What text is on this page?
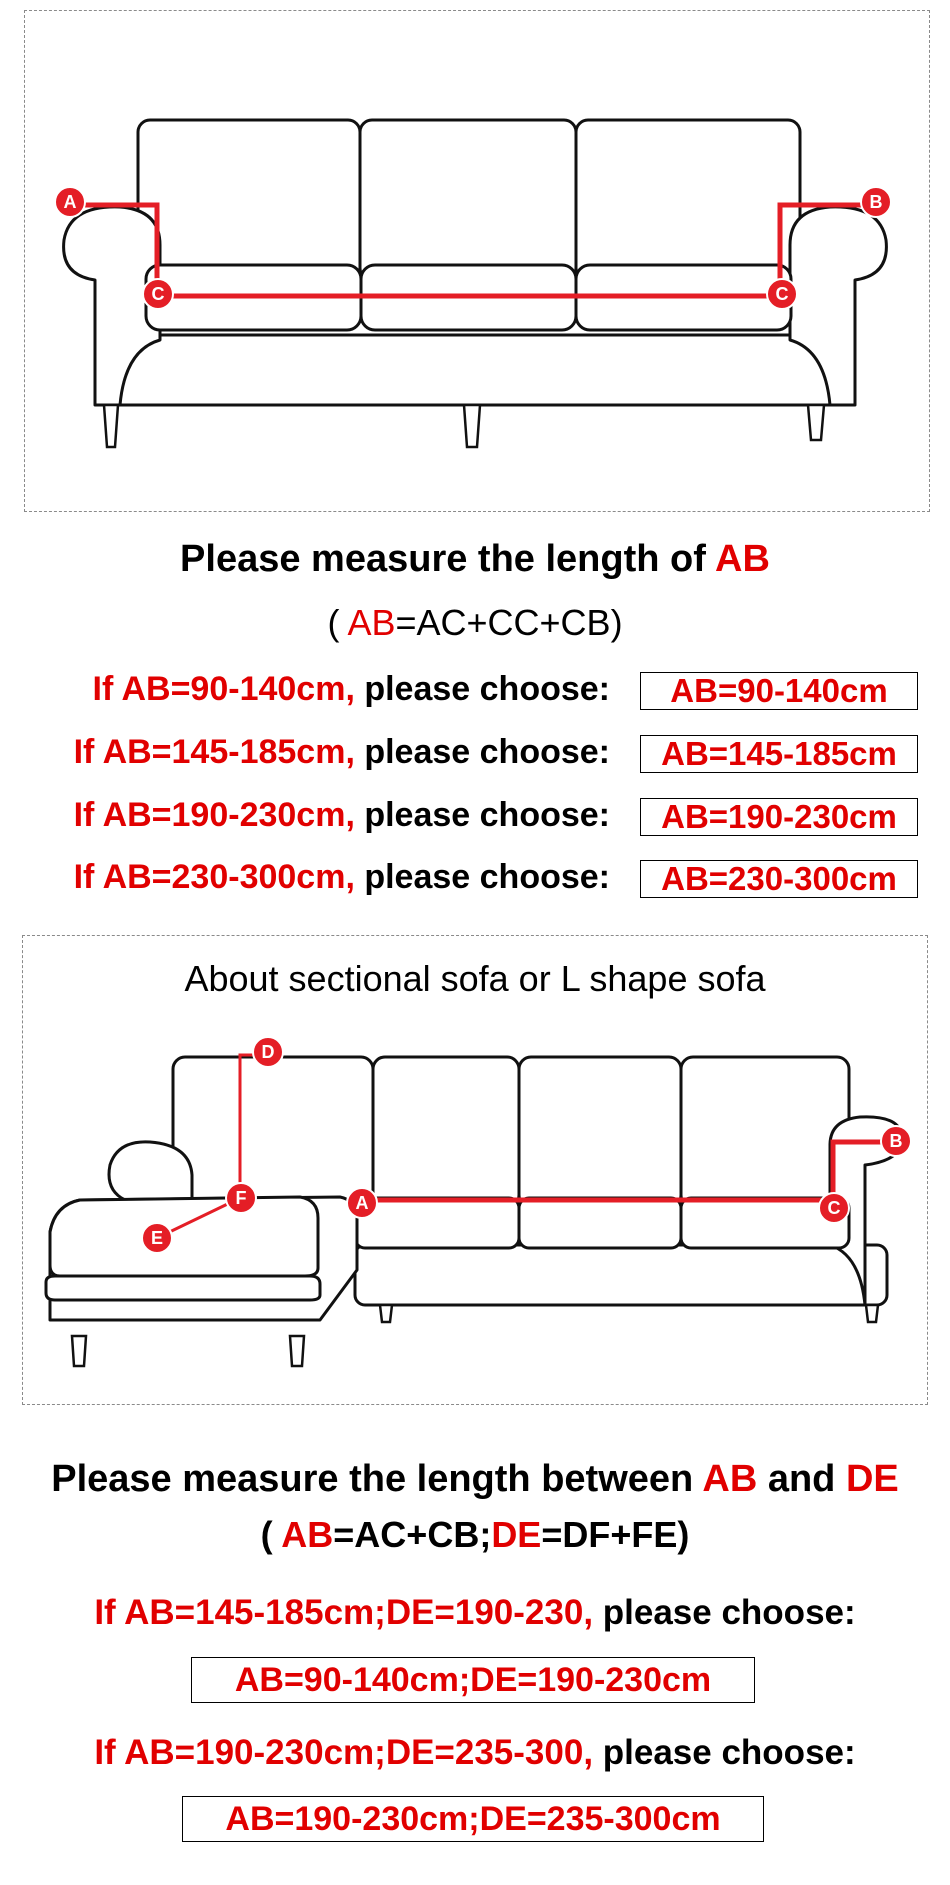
A	B
C	C
D
F
E
A	C
B
Please measure the length of AB
( AB=AC+CC+CB)
If AB=90-140cm, please choose:	AB=90-140cm
If AB=145-185cm, please choose:	AB=145-185cm
If AB=190-230cm, please choose:	AB=190-230cm
If AB=230-300cm, please choose:	AB=230-300cm
About sectional sofa or L shape sofa
Please measure the length between AB and DE
( AB=AC+CB;DE=DF+FE)
If AB=145-185cm;DE=190-230, please choose:
AB=90-140cm;DE=190-230cm
If AB=190-230cm;DE=235-300, please choose:
AB=190-230cm;DE=235-300cm
